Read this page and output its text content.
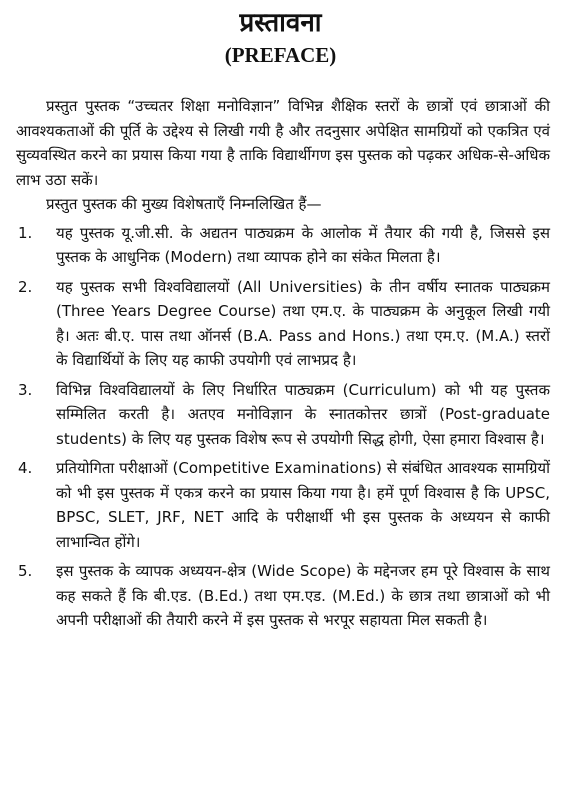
प्रस्तावना
(PREFACE)

प्रस्तुत पुस्तक “उच्चतर शिक्षा मनोविज्ञान” विभिन्न शैक्षिक स्तरों के छात्रों एवं छात्राओं की आवश्यकताओं की पूर्ति के उद्देश्य से लिखी गयी है और तदनुसार अपेक्षित सामग्रियों को एकत्रित एवं सुव्यवस्थित करने का प्रयास किया गया है ताकि विद्यार्थीगण इस पुस्तक को पढ़कर अधिक-से-अधिक लाभ उठा सकें।

प्रस्तुत पुस्तक की मुख्य विशेषताएँ निम्नलिखित हैं—

1.	यह पुस्तक यू.जी.सी. के अद्यतन पाठ्यक्रम के आलोक में तैयार की गयी है, जिससे इस पुस्तक के आधुनिक (Modern) तथा व्यापक होने का संकेत मिलता है।
2.	यह पुस्तक सभी विश्वविद्यालयों (All Universities) के तीन वर्षीय स्नातक पाठ्यक्रम (Three Years Degree Course) तथा एम.ए. के पाठ्यक्रम के अनुकूल लिखी गयी है। अतः बी.ए. पास तथा ऑनर्स (B.A. Pass and Hons.) तथा एम.ए. (M.A.) स्तरों के विद्यार्थियों के लिए यह काफी उपयोगी एवं लाभप्रद है।
3.	विभिन्न विश्वविद्यालयों के लिए निर्धारित पाठ्यक्रम (Curriculum) को भी यह पुस्तक सम्मिलित करती है। अतएव मनोविज्ञान के स्नातकोत्तर छात्रों (Post-graduate students) के लिए यह पुस्तक विशेष रूप से उपयोगी सिद्ध होगी, ऐसा हमारा विश्वास है।
4.	प्रतियोगिता परीक्षाओं (Competitive Examinations) से संबंधित आवश्यक सामग्रियों को भी इस पुस्तक में एकत्र करने का प्रयास किया गया है। हमें पूर्ण विश्वास है कि UPSC, BPSC, SLET, JRF, NET आदि के परीक्षार्थी भी इस पुस्तक के अध्ययन से काफी लाभान्वित होंगे।
5.	इस पुस्तक के व्यापक अध्ययन-क्षेत्र (Wide Scope) के मद्देनजर हम पूरे विश्वास के साथ कह सकते हैं कि बी.एड. (B.Ed.) तथा एम.एड. (M.Ed.) के छात्र तथा छात्राओं को भी अपनी परीक्षाओं की तैयारी करने में इस पुस्तक से भरपूर सहायता मिल सकती है।
